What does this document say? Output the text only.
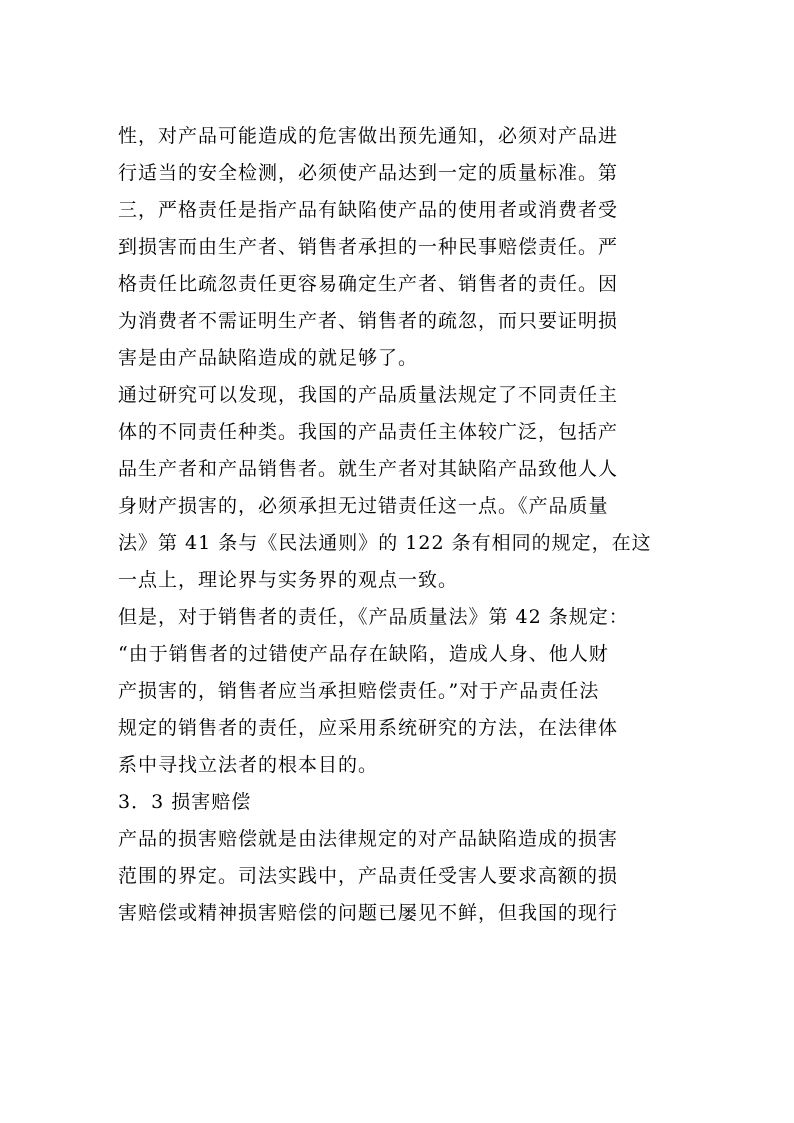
性，对产品可能造成的危害做出预先通知，必须对产品进
行适当的安全检测，必须使产品达到一定的质量标准。第
三，严格责任是指产品有缺陷使产品的使用者或消费者受
到损害而由生产者、销售者承担的一种民事赔偿责任。严
格责任比疏忽责任更容易确定生产者、销售者的责任。因
为消费者不需证明生产者、销售者的疏忽，而只要证明损
害是由产品缺陷造成的就足够了。
通过研究可以发现，我国的产品质量法规定了不同责任主
体的不同责任种类。我国的产品责任主体较广泛，包括产
品生产者和产品销售者。就生产者对其缺陷产品致他人人
身财产损害的，必须承担无过错责任这一点。《产品质量
法》第 41 条与《民法通则》的 122 条有相同的规定，在这
一点上，理论界与实务界的观点一致。
但是，对于销售者的责任，《产品质量法》第 42 条规定：
“由于销售者的过错使产品存在缺陷，造成人身、他人财
产损害的，销售者应当承担赔偿责任。”对于产品责任法
规定的销售者的责任，应采用系统研究的方法，在法律体
系中寻找立法者的根本目的。
3．3 损害赔偿
产品的损害赔偿就是由法律规定的对产品缺陷造成的损害
范围的界定。司法实践中，产品责任受害人要求高额的损
害赔偿或精神损害赔偿的问题已屡见不鲜，但我国的现行
